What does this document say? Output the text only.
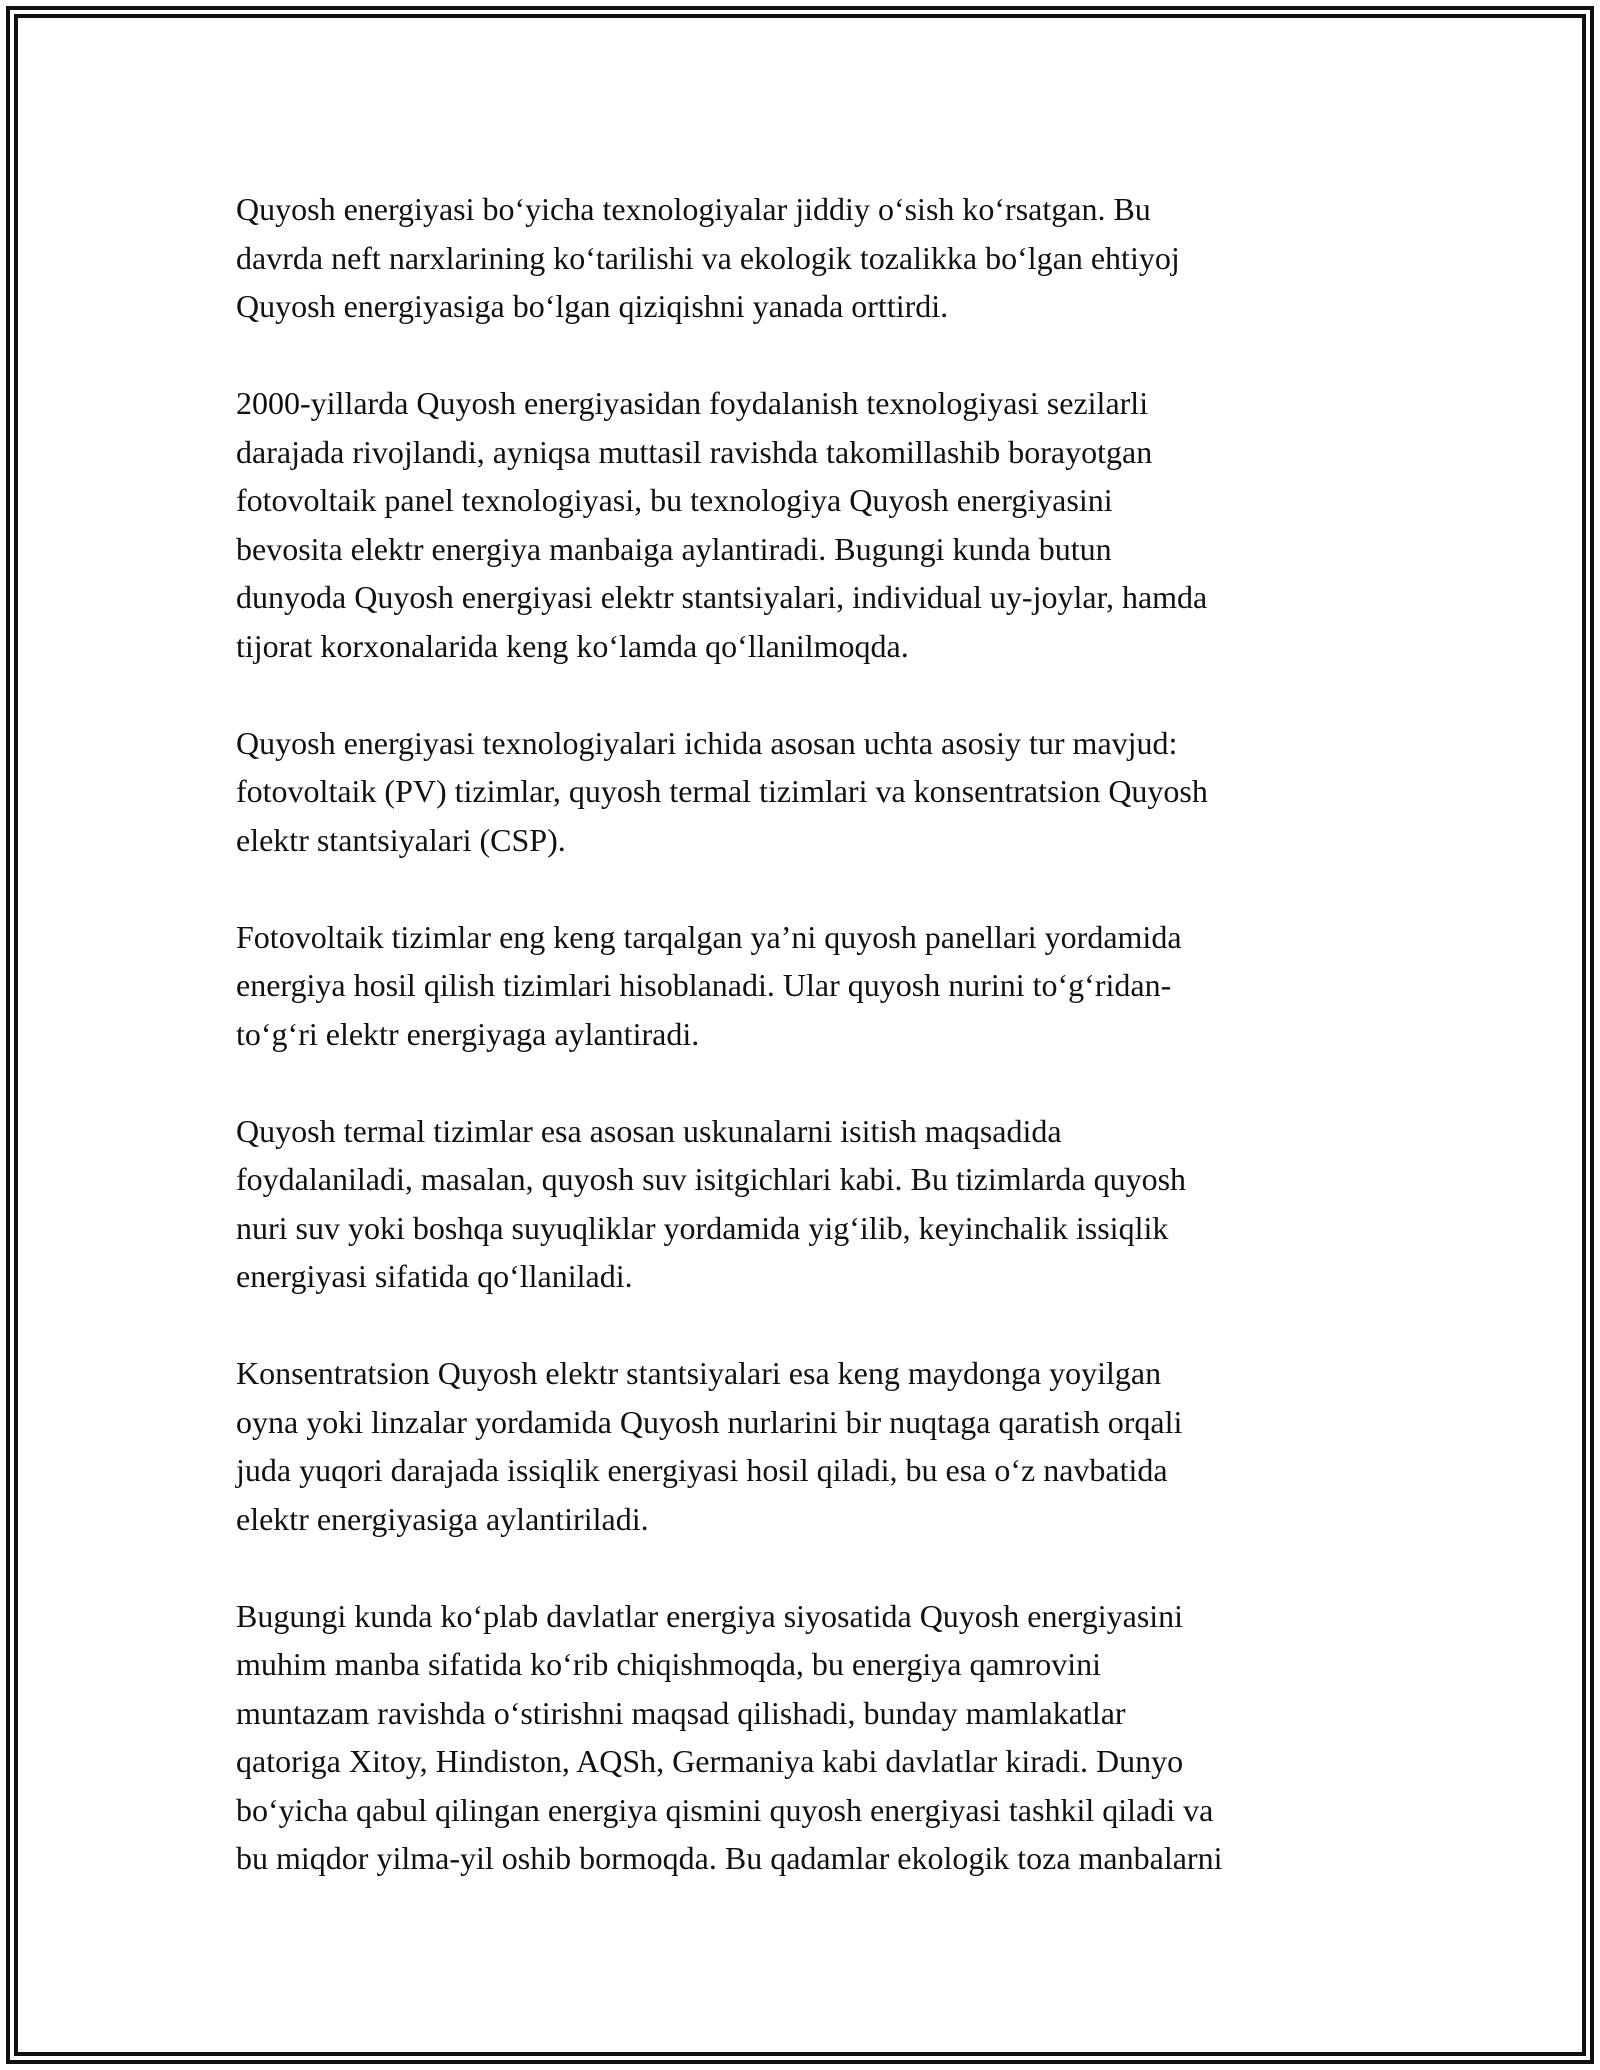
Quyosh energiyasi bo‘yicha texnologiyalar jiddiy o‘sish ko‘rsatgan. Bu
davrda neft narxlarining ko‘tarilishi va ekologik tozalikka bo‘lgan ehtiyoj
Quyosh energiyasiga bo‘lgan qiziqishni yanada orttirdi.

2000-yillarda Quyosh energiyasidan foydalanish texnologiyasi sezilarli
darajada rivojlandi, ayniqsa muttasil ravishda takomillashib borayotgan
fotovoltaik panel texnologiyasi, bu texnologiya Quyosh energiyasini
bevosita elektr energiya manbaiga aylantiradi. Bugungi kunda butun
dunyoda Quyosh energiyasi elektr stantsiyalari, individual uy-joylar, hamda
tijorat korxonalarida keng ko‘lamda qo‘llanilmoqda.

Quyosh energiyasi texnologiyalari ichida asosan uchta asosiy tur mavjud:
fotovoltaik (PV) tizimlar, quyosh termal tizimlari va konsentratsion Quyosh
elektr stantsiyalari (CSP).

Fotovoltaik tizimlar eng keng tarqalgan ya’ni quyosh panellari yordamida
energiya hosil qilish tizimlari hisoblanadi. Ular quyosh nurini to‘g‘ridan-
to‘g‘ri elektr energiyaga aylantiradi.

Quyosh termal tizimlar esa asosan uskunalarni isitish maqsadida
foydalaniladi, masalan, quyosh suv isitgichlari kabi. Bu tizimlarda quyosh
nuri suv yoki boshqa suyuqliklar yordamida yig‘ilib, keyinchalik issiqlik
energiyasi sifatida qo‘llaniladi.

Konsentratsion Quyosh elektr stantsiyalari esa keng maydonga yoyilgan
oyna yoki linzalar yordamida Quyosh nurlarini bir nuqtaga qaratish orqali
juda yuqori darajada issiqlik energiyasi hosil qiladi, bu esa o‘z navbatida
elektr energiyasiga aylantiriladi.

Bugungi kunda ko‘plab davlatlar energiya siyosatida Quyosh energiyasini
muhim manba sifatida ko‘rib chiqishmoqda, bu energiya qamrovini
muntazam ravishda o‘stirishni maqsad qilishadi, bunday mamlakatlar
qatoriga Xitoy, Hindiston, AQSh, Germaniya kabi davlatlar kiradi. Dunyo
bo‘yicha qabul qilingan energiya qismini quyosh energiyasi tashkil qiladi va
bu miqdor yilma-yil oshib bormoqda. Bu qadamlar ekologik toza manbalarni
